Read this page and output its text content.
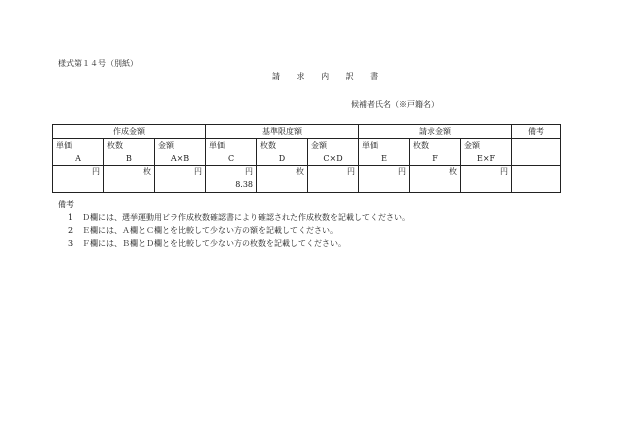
様式第１４号（別紙）
請 求 内 訳 書
候補者氏名（※戸籍名）
作成金額			基準限度額			請求金額			備考
単価	枚数	金額	単価	枚数	金額	単価	枚数	金額	
A	B	A×B	C	D	C×D	E	F	E×F	
円	枚	円	円	枚	円	円	枚	円	
			8.38						
備考
1 Ｄ欄には、選挙運動用ビラ作成枚数確認書により確認された作成枚数を記載してください。
2 Ｅ欄には、Ａ欄とＣ欄とを比較して少ない方の額を記載してください。
3 Ｆ欄には、Ｂ欄とＤ欄とを比較して少ない方の枚数を記載してください。
